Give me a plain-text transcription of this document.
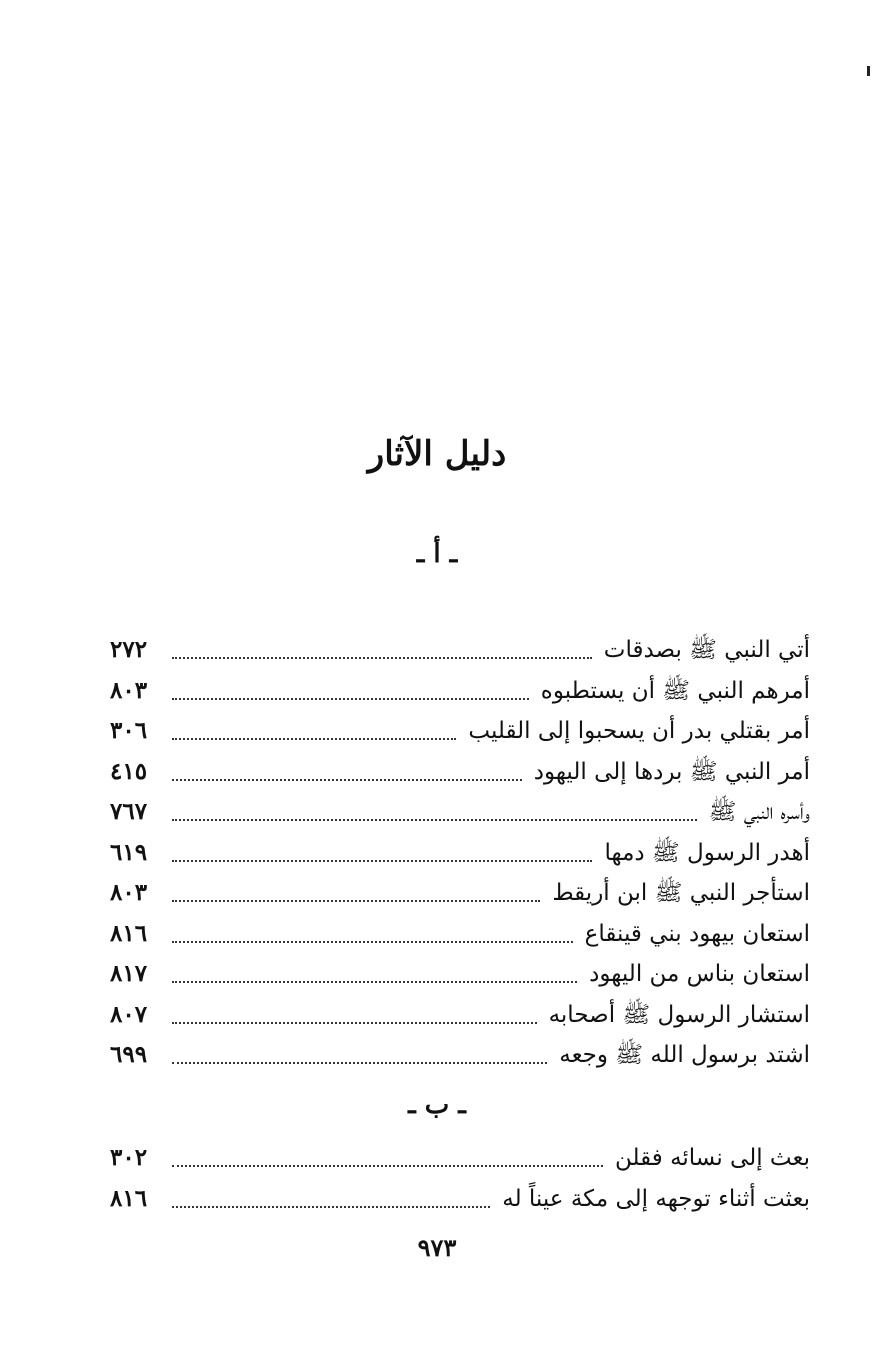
دليل الآثار
ـ أ ـ
أتي النبي ﷺ بصدقات
٢٧٢
أمرهم النبي ﷺ أن يستطبوه
٨٠٣
أمر بقتلي بدر أن يسحبوا إلى القليب
٣٠٦
أمر النبي ﷺ بردها إلى اليهود
٤١٥
وأسره النبي ﷺ
٧٦٧
أهدر الرسول ﷺ دمها
٦١٩
استأجر النبي ﷺ ابن أريقط
٨٠٣
استعان بيهود بني قينقاع
٨١٦
استعان بناس من اليهود
٨١٧
استشار الرسول ﷺ أصحابه
٨٠٧
اشتد برسول الله ﷺ وجعه
٦٩٩
ـ ب ـ
بعث إلى نسائه فقلن
٣٠٢
بعثت أثناء توجهه إلى مكة عيناً له
٨١٦
٩٧٣
